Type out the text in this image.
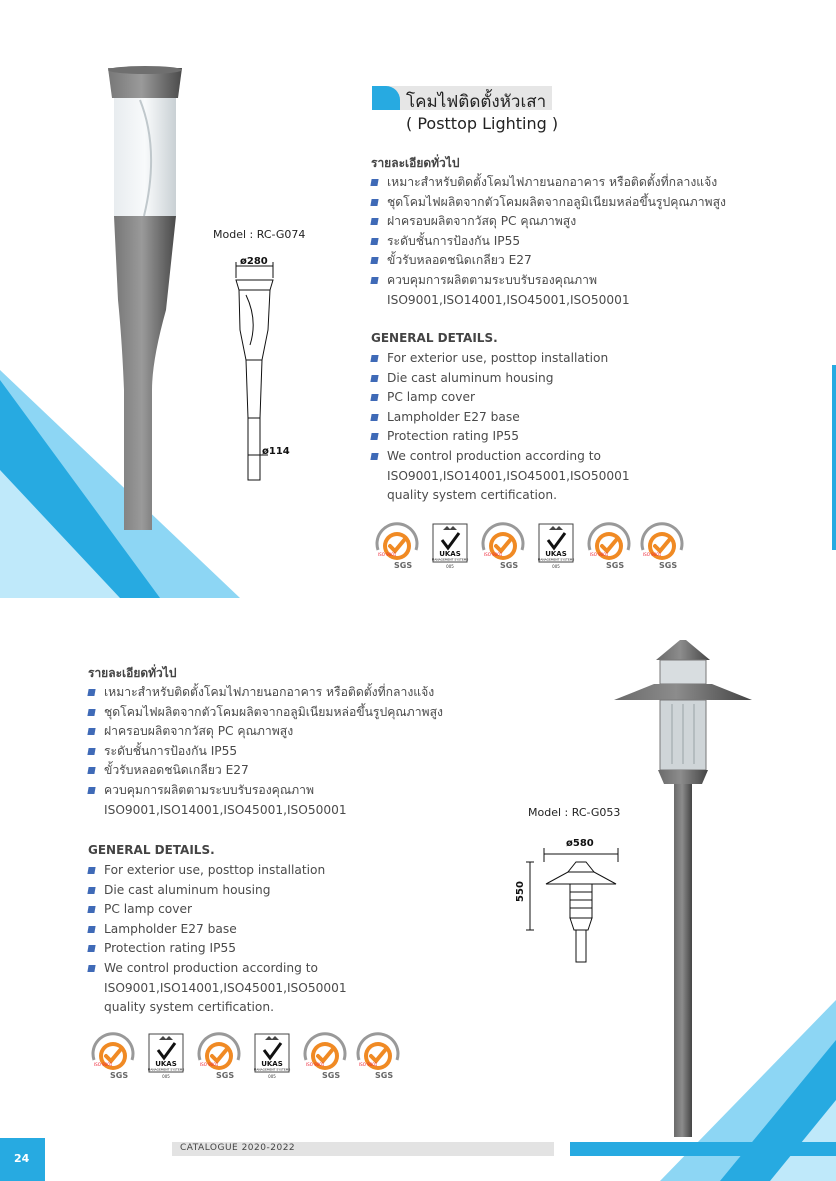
โคมไฟติดตั้งหัวเสา
( Posttop Lighting )
Model : RC-G074
ø280
ø114
รายละเอียดทั่วไป
เหมาะสำหรับติดตั้งโคมไฟภายนอกอาคาร หรือติดตั้งที่กลางแจ้ง
ชุดโคมไฟผลิตจากตัวโคมผลิตจากอลูมิเนียมหล่อขึ้นรูปคุณภาพสูง
ฝาครอบผลิตจากวัสดุ PC คุณภาพสูง
ระดับชั้นการป้องกัน IP55
ขั้วรับหลอดชนิดเกลียว E27
ควบคุมการผลิตตามระบบรับรองคุณภาพ
ISO9001,ISO14001,ISO45001,ISO50001
GENERAL DETAILS.
For exterior use, posttop installation
Die cast aluminum housing
PC lamp cover
Lampholder E27 base
Protection rating IP55
We control production according to
ISO9001,ISO14001,ISO45001,ISO50001
quality system certification.
ISO 9001
SGS
UKAS
MANAGEMENT SYSTEMS
005
ISO 9001
SGS
UKAS
MANAGEMENT SYSTEMS
005
ISO 9001
SGS
ISO 9001
SGS
รายละเอียดทั่วไป
เหมาะสำหรับติดตั้งโคมไฟภายนอกอาคาร หรือติดตั้งที่กลางแจ้ง
ชุดโคมไฟผลิตจากตัวโคมผลิตจากอลูมิเนียมหล่อขึ้นรูปคุณภาพสูง
ฝาครอบผลิตจากวัสดุ PC คุณภาพสูง
ระดับชั้นการป้องกัน IP55
ขั้วรับหลอดชนิดเกลียว E27
ควบคุมการผลิตตามระบบรับรองคุณภาพ
ISO9001,ISO14001,ISO45001,ISO50001
GENERAL DETAILS.
For exterior use, posttop installation
Die cast aluminum housing
PC lamp cover
Lampholder E27 base
Protection rating IP55
We control production according to
ISO9001,ISO14001,ISO45001,ISO50001
quality system certification.
ISO 9001
SGS
UKAS
MANAGEMENT SYSTEMS
005
ISO 9001
SGS
UKAS
MANAGEMENT SYSTEMS
005
ISO 9001
SGS
ISO 9001
SGS
Model : RC-G053
ø580
550
CATALOGUE 2020-2022
24
